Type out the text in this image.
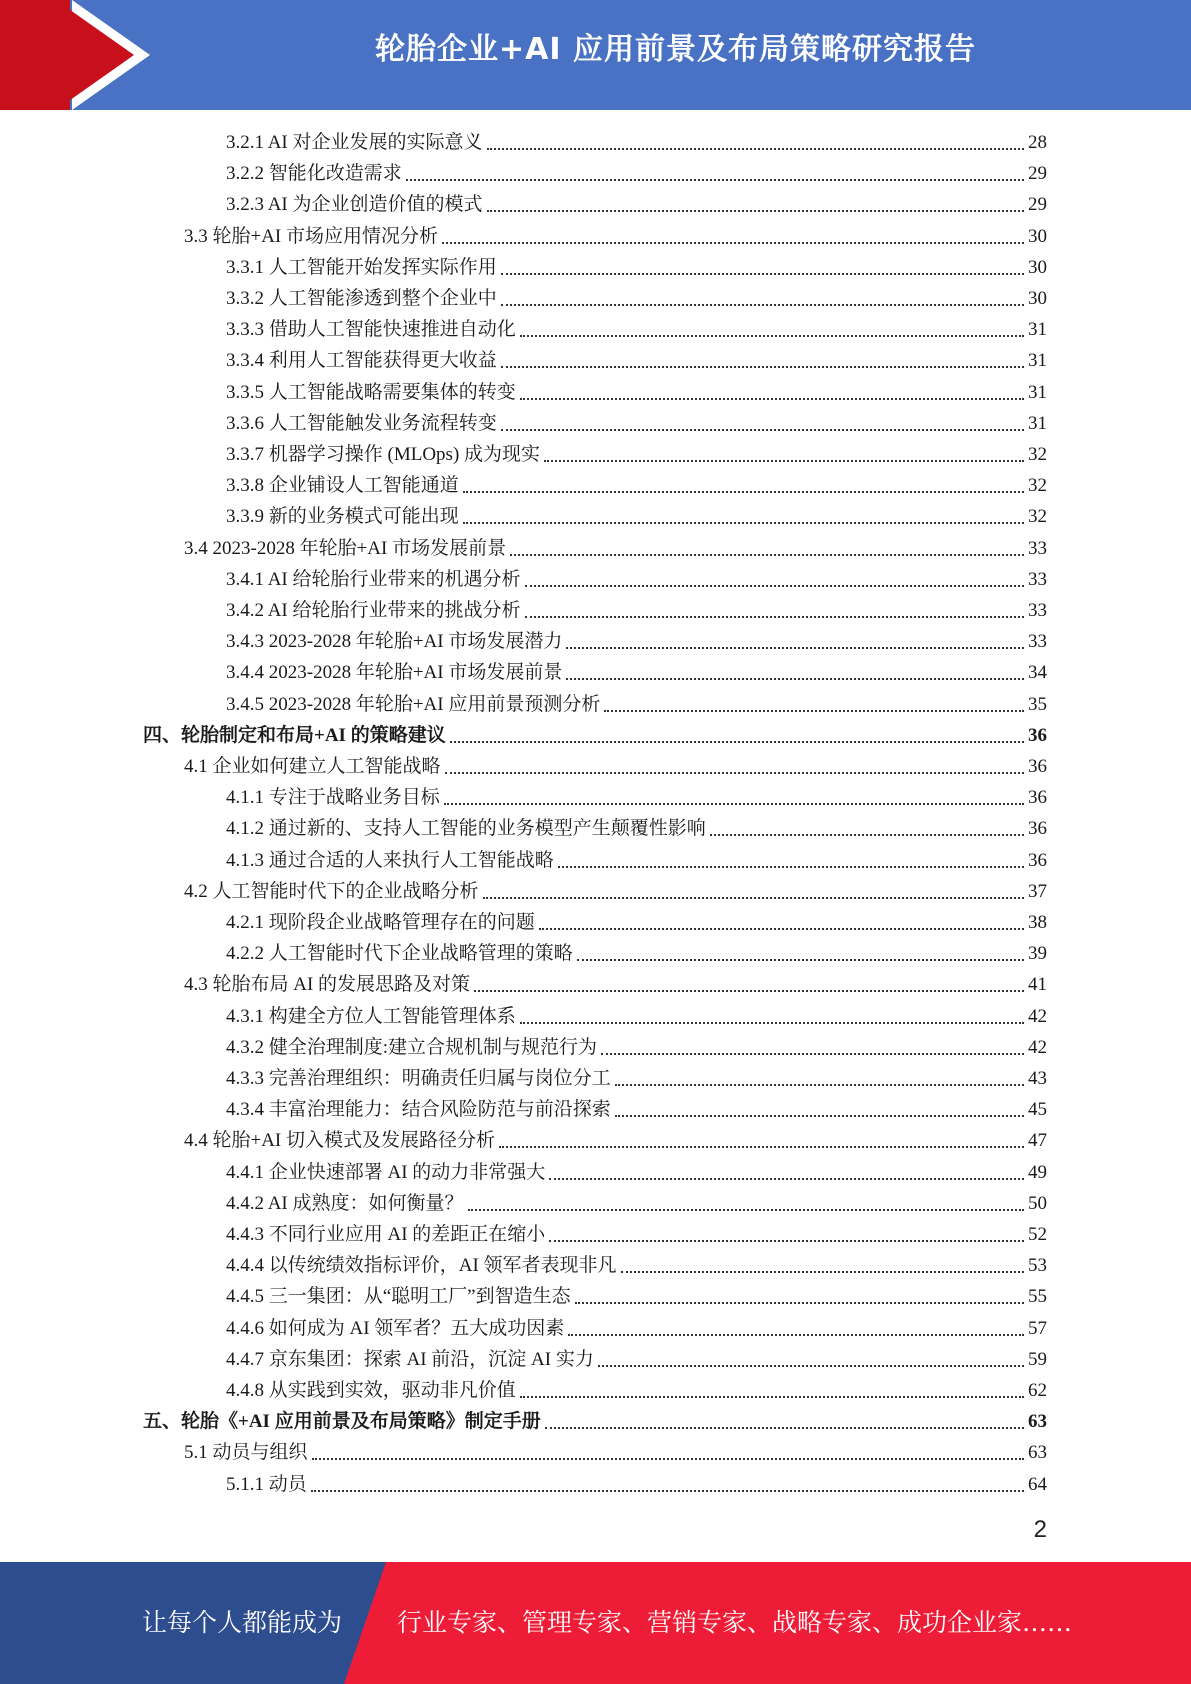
轮胎企业+AI 应用前景及布局策略研究报告
3.2.1 AI 对企业发展的实际意义	28
3.2.2 智能化改造需求	29
3.2.3 AI 为企业创造价值的模式	29
3.3 轮胎+AI 市场应用情况分析	30
3.3.1 人工智能开始发挥实际作用	30
3.3.2 人工智能渗透到整个企业中	30
3.3.3 借助人工智能快速推进自动化	31
3.3.4 利用人工智能获得更大收益	31
3.3.5 人工智能战略需要集体的转变	31
3.3.6 人工智能触发业务流程转变	31
3.3.7 机器学习操作 (MLOps) 成为现实	32
3.3.8 企业铺设人工智能通道	32
3.3.9 新的业务模式可能出现	32
3.4 2023-2028 年轮胎+AI 市场发展前景	33
3.4.1 AI 给轮胎行业带来的机遇分析	33
3.4.2 AI 给轮胎行业带来的挑战分析	33
3.4.3 2023-2028 年轮胎+AI 市场发展潜力	33
3.4.4 2023-2028 年轮胎+AI 市场发展前景	34
3.4.5 2023-2028 年轮胎+AI 应用前景预测分析	35
四、轮胎制定和布局+AI 的策略建议	36
4.1 企业如何建立人工智能战略	36
4.1.1 专注于战略业务目标	36
4.1.2 通过新的、支持人工智能的业务模型产生颠覆性影响	36
4.1.3 通过合适的人来执行人工智能战略	36
4.2 人工智能时代下的企业战略分析	37
4.2.1 现阶段企业战略管理存在的问题	38
4.2.2 人工智能时代下企业战略管理的策略	39
4.3 轮胎布局 AI 的发展思路及对策	41
4.3.1 构建全方位人工智能管理体系	42
4.3.2 健全治理制度:建立合规机制与规范行为	42
4.3.3 完善治理组织：明确责任归属与岗位分工	43
4.3.4 丰富治理能力：结合风险防范与前沿探索	45
4.4 轮胎+AI 切入模式及发展路径分析	47
4.4.1 企业快速部署 AI 的动力非常强大	49
4.4.2 AI 成熟度：如何衡量？	50
4.4.3 不同行业应用 AI 的差距正在缩小	52
4.4.4 以传统绩效指标评价，AI 领军者表现非凡	53
4.4.5 三一集团：从“聪明工厂”到智造生态	55
4.4.6 如何成为 AI 领军者？五大成功因素	57
4.4.7 京东集团：探索 AI 前沿，沉淀 AI 实力	59
4.4.8 从实践到实效，驱动非凡价值	62
五、轮胎《+AI 应用前景及布局策略》制定手册	63
5.1 动员与组织	63
5.1.1 动员	64
2
让每个人都能成为 行业专家、管理专家、营销专家、战略专家、成功企业家……
